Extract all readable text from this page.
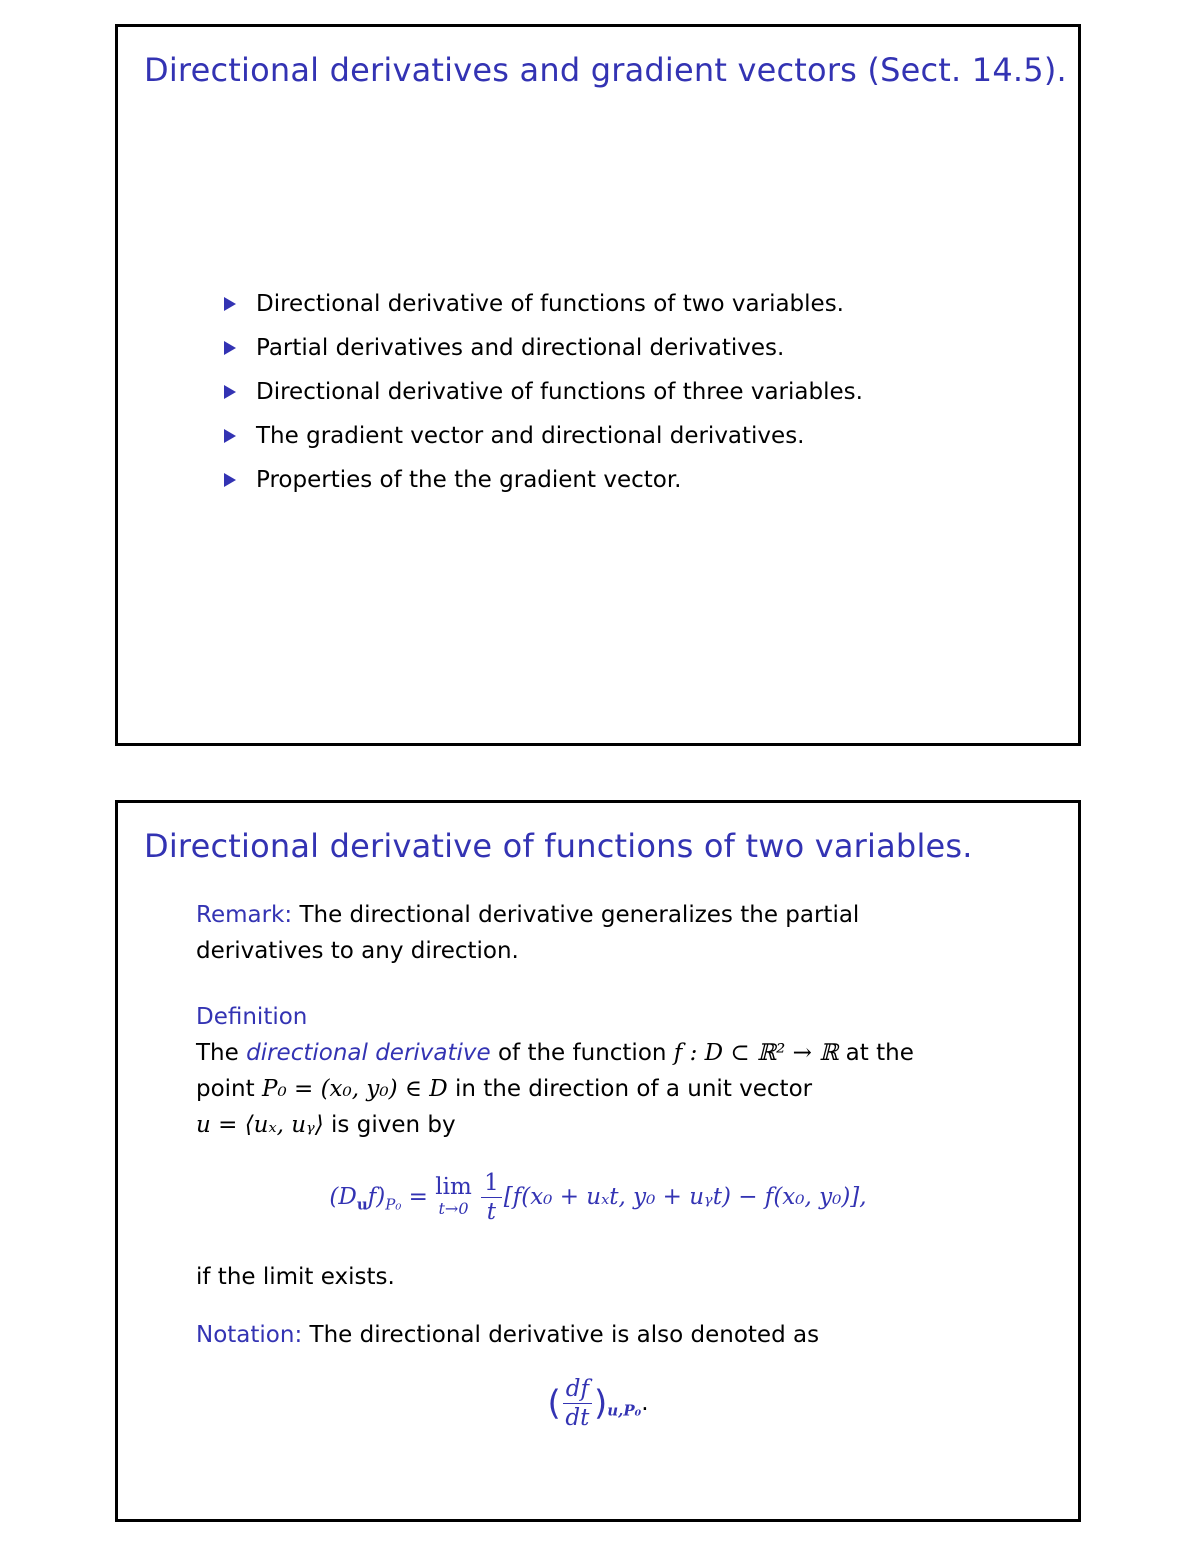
Directional derivatives and gradient vectors (Sect. 14.5).
Directional derivative of functions of two variables.
Partial derivatives and directional derivatives.
Directional derivative of functions of three variables.
The gradient vector and directional derivatives.
Properties of the the gradient vector.
Directional derivative of functions of two variables.
Remark: The directional derivative generalizes the partial
derivatives to any direction.
Definition
The directional derivative of the function f : D ⊂ ℝ² → ℝ at the
point P₀ = (x₀, y₀) ∈ D in the direction of a unit vector
u = ⟨uₓ, uᵧ⟩ is given by
$(D_uf)_{P_0} = \lim$
t→0
$\frac{1}{t} [f(x_0 + u_xt$, y₀ + uᵧt) − f(x₀, y₀)],
if the limit exists.
Notation: The directional derivative is also denoted as
( $\frac{df}{dt} )_{u,P_0}$.
